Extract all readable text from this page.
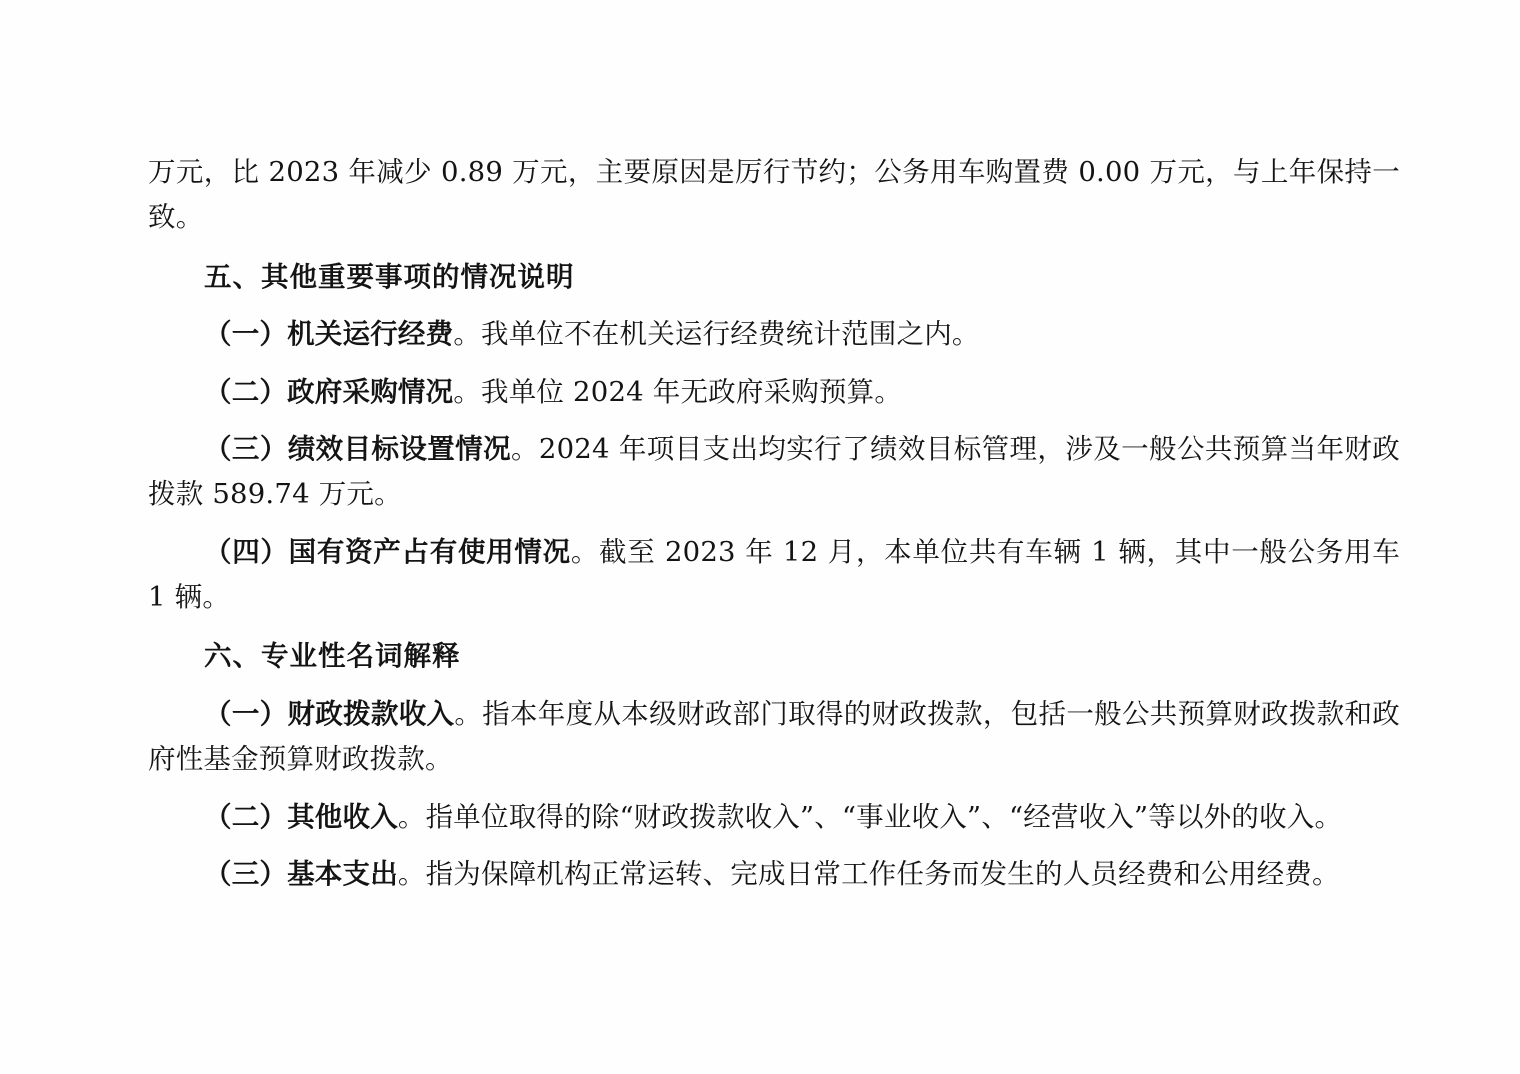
万元，比 2023 年减少 0.89 万元，主要原因是厉行节约；公务用车购置费 0.00 万元，与上年保持一致。

五、其他重要事项的情况说明

（一）机关运行经费。我单位不在机关运行经费统计范围之内。

（二）政府采购情况。我单位 2024 年无政府采购预算。

（三）绩效目标设置情况。2024 年项目支出均实行了绩效目标管理，涉及一般公共预算当年财政拨款 589.74 万元。

（四）国有资产占有使用情况。截至 2023 年 12 月，本单位共有车辆 1 辆，其中一般公务用车 1 辆。

六、专业性名词解释

（一）财政拨款收入。指本年度从本级财政部门取得的财政拨款，包括一般公共预算财政拨款和政府性基金预算财政拨款。

（二）其他收入。指单位取得的除“财政拨款收入”、“事业收入”、“经营收入”等以外的收入。

（三）基本支出。指为保障机构正常运转、完成日常工作任务而发生的人员经费和公用经费。
